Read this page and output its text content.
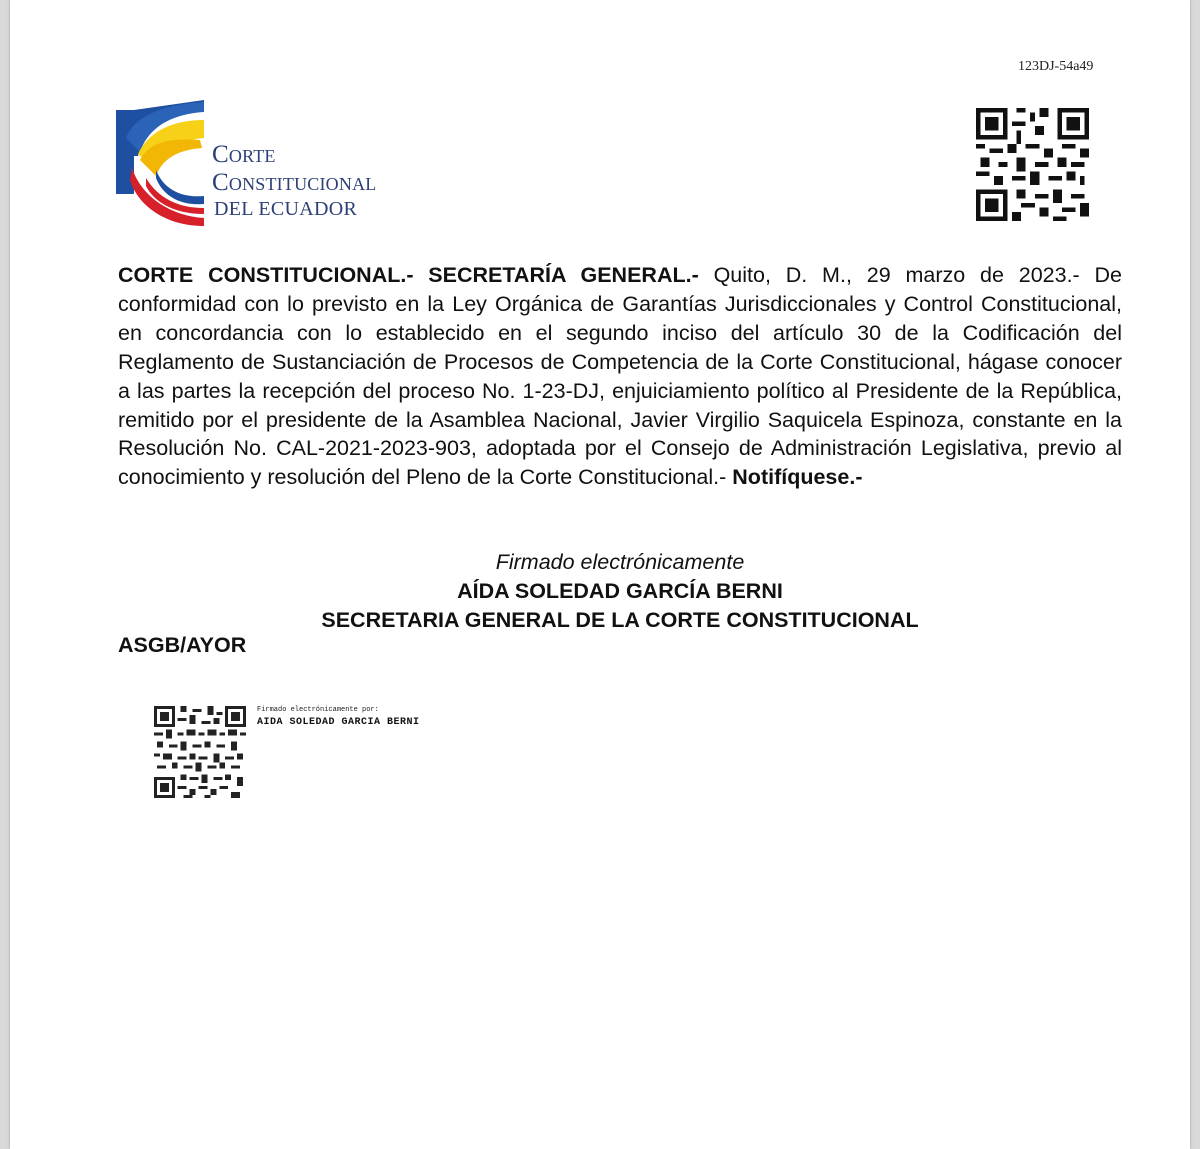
123DJ-54a49
Corte
Constitucional
DEL ECUADOR
CORTE CONSTITUCIONAL.- SECRETARÍA GENERAL.- Quito, D. M., 29 marzo de 2023.- De conformidad con lo previsto en la Ley Orgánica de Garantías Jurisdiccionales y Control Constitucional, en concordancia con lo establecido en el segundo inciso del artículo 30 de la Codificación del Reglamento de Sustanciación de Procesos de Competencia de la Corte Constitucional, hágase conocer a las partes la recepción del proceso No. 1-23-DJ, enjuiciamiento político al Presidente de la República, remitido por el presidente de la Asamblea Nacional, Javier Virgilio Saquicela Espinoza, constante en la Resolución No. CAL-2021-2023-903, adoptada por el Consejo de Administración Legislativa, previo al conocimiento y resolución del Pleno de la Corte Constitucional.- Notifíquese.-
Firmado electrónicamente
AÍDA SOLEDAD GARCÍA BERNI
SECRETARIA GENERAL DE LA CORTE CONSTITUCIONAL
ASGB/AYOR
Firmado electrónicamente por:
AIDA SOLEDAD GARCIA BERNI
